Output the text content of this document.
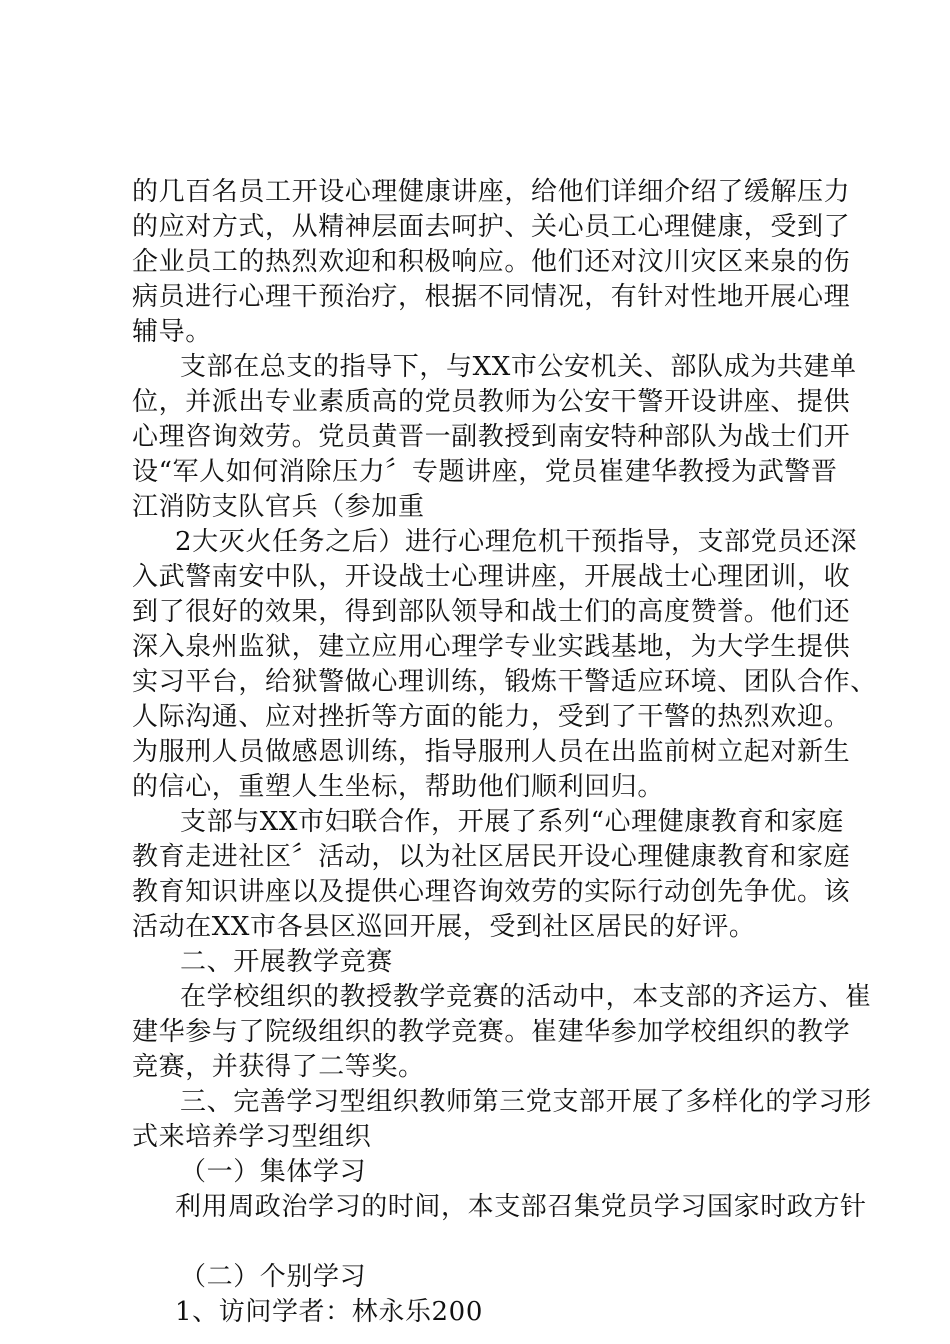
的几百名员工开设心理健康讲座，给他们详细介绍了缓解压力
的应对方式，从精神层面去呵护、关心员工心理健康，受到了
企业员工的热烈欢迎和积极响应。他们还对汶川灾区来泉的伤
病员进行心理干预治疗，根据不同情况，有针对性地开展心理
辅导。
支部在总支的指导下，与XX市公安机关、部队成为共建单
位，并派出专业素质高的党员教师为公安干警开设讲座、提供
心理咨询效劳。党员黄晋一副教授到南安特种部队为战士们开
设“军人如何消除压力〞专题讲座，党员崔建华教授为武警晋
江消防支队官兵（参加重
2大灭火任务之后）进行心理危机干预指导，支部党员还深
入武警南安中队，开设战士心理讲座，开展战士心理团训，收
到了很好的效果，得到部队领导和战士们的高度赞誉。他们还
深入泉州监狱，建立应用心理学专业实践基地，为大学生提供
实习平台，给狱警做心理训练，锻炼干警适应环境、团队合作、
人际沟通、应对挫折等方面的能力，受到了干警的热烈欢迎。
为服刑人员做感恩训练，指导服刑人员在出监前树立起对新生
的信心，重塑人生坐标，帮助他们顺利回归。
支部与XX市妇联合作，开展了系列“心理健康教育和家庭
教育走进社区〞活动，以为社区居民开设心理健康教育和家庭
教育知识讲座以及提供心理咨询效劳的实际行动创先争优。该
活动在XX市各县区巡回开展，受到社区居民的好评。
二、开展教学竞赛
在学校组织的教授教学竞赛的活动中，本支部的齐运方、崔
建华参与了院级组织的教学竞赛。崔建华参加学校组织的教学
竞赛，并获得了二等奖。
三、完善学习型组织教师第三党支部开展了多样化的学习形
式来培养学习型组织
（一）集体学习
利用周政治学习的时间，本支部召集党员学习国家时政方针
（二）个别学习
1、访问学者：林永乐200
